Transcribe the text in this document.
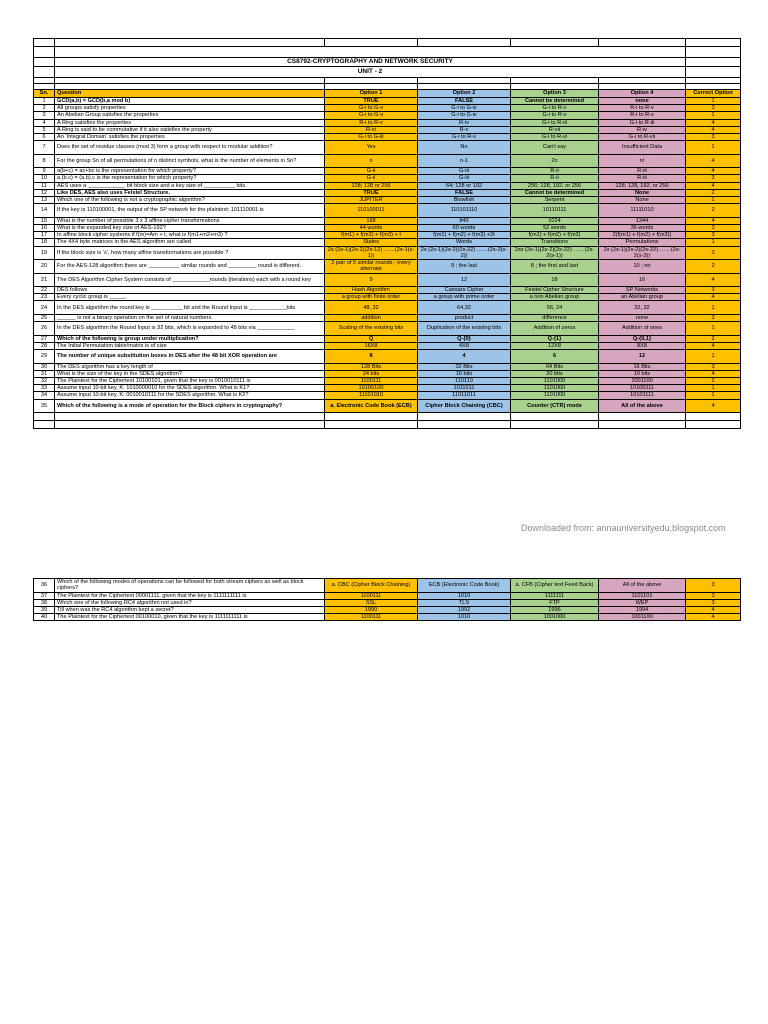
	CS8792-CRYPTOGRAPHY AND NETWORK SECURITY					
	UNIT - 2					

Sn.	Question	Option 1	Option 2	Option 3	Option 4	Correct Option
1	GCD(a,b) = GCD(b,a mod b)	TRUE	FALSE	Cannot be determined	none	1
2	All groups satisfy properties	G-i to G-v	G-i to G-iv	G-i to R-v	R-i to R-v	3
3	An Abelian Group satisfies the properties	G-i to G-v	G-i to G-iv	G-i to R-v	R-i to R-v	1
4	A Ring satisfies the properties	R-i to R-v	R-iv	G-i to R-iii	G-i to R-iii	4
5	A Ring is said to be commutative if it also satisfies the property	R-vi	R-v	R-vii	R-iv	4
6	An ‘Integral Domain’ satisfies the properties	G-i to G-iii	G-i to R-v	G-i to R-vi	G-i to R-vii	3
7	Does the set of residue classes (mod 3) form a group with respect to modular addition?	Yes	No	Can't say	Insufficient Data	1
8	For the group Sn of all permutations of n distinct symbols, what is the number of elements in Sn?	n	n-1	2n	n!	4
9	a(b+c) = ac+bc is the representation for which property?	G-ii	G-iii	R-ii	R-iii	4
10	a.(b.c) = (a.b).c is the representation for which property?	G-ii	G-iii	R-ii	R-iii	3
11	AES uses a ____________ bit block size and a key size of __________ bits.	128; 128 or 256	64; 128 or 192	256; 128, 192, or 256	128; 128, 192, or 256	4
12	Like DES, AES also uses Feistel Structure.	TRUE	FALSE	Cannot be determined	None	2
13	Which one of the following is not a cryptographic algorithm?	JUPITER	Blowfish	Serpent	None	1
14	If the key is 110100001, the output of the SP network for the plaintext: 101110001 is	110100011	110101110	10110111	11111010	2
15	What is the number of possible 3 x 3 affine cipher transformations	168	840	1024	1344	4
16	What is the expanded key size of AES-192?	44 words	60 words	52 words	36 words	3
17	In affine block cipher systems if f(m)=Am + t, what is f(m1+m2+m3) ?	f(m1) + f(m2) + f(m3) + t	f(m1) + f(m2) + f(m3) +2t	f(m1) + f(m2) + f(m3)	2(f(m1) + f(m2) + f(m3))	3
18	The 4X4 byte matrices in the AES algorithm are called	States	Words	Transitions	Permutations	1
19	If the block size is ‘s’, how many affine transformations are possible ?	2s (2s-1)(2s-1)(2s-12) ……(2s-1(s-1))	2s (2s-1)(2s-2)(2s-22) ……(2s-2(s-2))	2ss (2s-1)(2s-2)(2s-22) ……(2s-2(s-1))	2s (2s-1)(2s-2)(2s-22) ……(2s-2(s-3))	3
20	For the AES-128 algorithm there are __________ similar rounds and _________ round is different.	2 pair of 5 similar rounds ; every alternate	9 ; the last	8 ; the first and last	10 ; no	2
21	The DES Algorithm Cipher System consists of ____________rounds (iterations) each with a round key	9	12	18	16	4
22	DES follows	Hash Algorithm	Caesars Cipher	Feistel Cipher Structure	SP Networks	3
23	Every cyclic group is _____.	a group with finite order	a group with prime order	a non Abelian group	an Abelian group	4
24	In the DES algorithm the round key is __________ bit and the Round Input is ____________bits	48, 32	64,32	56, 24	32, 32	1
25	______ is not a binary operation on the set of natural numbers.	addition	product	difference	none	3
26	In the DES algorithm the Round Input is 32 bits, which is expanded to 48 bits via ____________	Scaling of the existing bits	Duplication of the existing bits	Addition of zeros	Addition of ones	1
27	Which of the following is group under multiplication?	Q	Q-{0}	Q-{1}	Q-{0,1}	2
28	The Initial Permutation table/matrix is of size	16X8	4X8	12X8	8X8	4
29	The number of unique substitution boxes in DES after the 48 bit XOR operation are	8	4	6	12	1
30	The DES algorithm has a key length of	128 Bits	32 Bits	64 Bits	16 Bits	3
31	What is the size of the key in the SDES algorithm?	24 bits	16 bits	20 bits	10 bits	4
32	The Plaintext for the Ciphertext 10100101, given that the key is 0010010111 is	1100111	110110	1101000	1001100	2
33	Assume input 10-bit key, K: 1010000010 for the SDES algorithm. What is K1?	10100100	1011011	1101000	10100111	1
34	Assume input 10-bit key, K: 0010010111 for the SDES algorithm. What is K2?	11101010	11011011	1101000	10101111	1
35	Which of the following is a mode of operation for the Block ciphers in cryptography?	a. Electronic Code Book (ECB)	Cipher Block Chaining (CBC)	Counter (CTR) mode	All of the above	4

Downloaded from: annauniversityedu.blogspot.com
36	Which of the following modes of operations can be followed for both stream ciphers as well as block ciphers?	a. CBC (Cipher Block Chaining)	ECB (Electronic Code Book)	a. CFB (Cipher text Feed Back)	All of the above	3
37	The Plaintext for the Ciphertext 00001111, given that the key is 1111111111 is	1100111	1010	1111111	1101101	3
38	Which one of the following RC4 algorithm not used in?	SSL	TLS	FTP	WEP	3
39	Till when was the RC4 algorithm kept a secret?	1990	1992	1996	1994	4
40	The Plaintext for the Ciphertext 00100010, given that the key is 1111111111 is	1100111	1010	1001000	1001100	4
